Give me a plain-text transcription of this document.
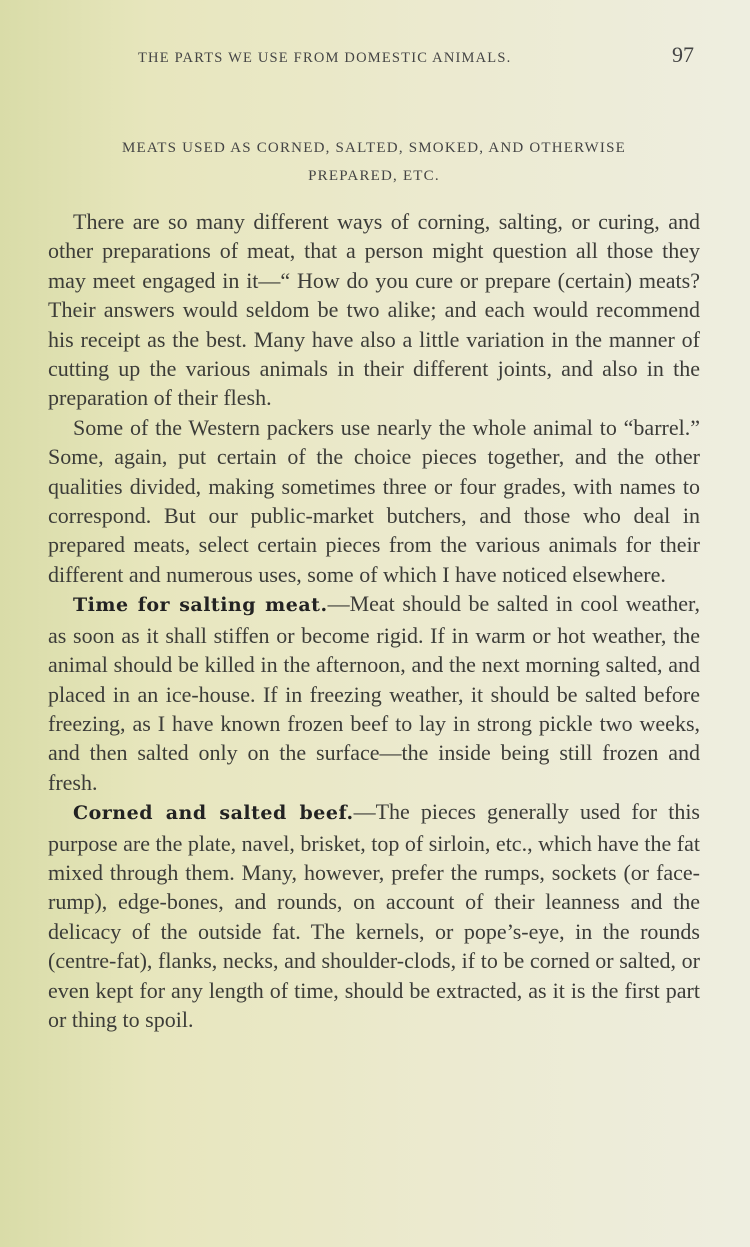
THE PARTS WE USE FROM DOMESTIC ANIMALS.	97
MEATS USED AS CORNED, SALTED, SMOKED, AND OTHERWISE
PREPARED, ETC.

There are so many different ways of corning, salting, or curing, and other preparations of meat, that a person might question all those they may meet engaged in it—“ How do you cure or prepare (certain) meats? Their answers would seldom be two alike; and each would recommend his receipt as the best. Many have also a little variation in the manner of cutting up the various animals in their different joints, and also in the preparation of their flesh.

Some of the Western packers use nearly the whole animal to “barrel.” Some, again, put certain of the choice pieces together, and the other qualities divided, making sometimes three or four grades, with names to correspond. But our public-market butchers, and those who deal in prepared meats, select certain pieces from the various animals for their different and numerous uses, some of which I have noticed elsewhere.

Time for salting meat.—Meat should be salted in cool weather, as soon as it shall stiffen or become rigid. If in warm or hot weather, the animal should be killed in the afternoon, and the next morning salted, and placed in an ice-house. If in freezing weather, it should be salted before freezing, as I have known frozen beef to lay in strong pickle two weeks, and then salted only on the surface—the inside being still frozen and fresh.

Corned and salted beef.—The pieces generally used for this purpose are the plate, navel, brisket, top of sirloin, etc., which have the fat mixed through them. Many, however, prefer the rumps, sockets (or face-rump), edge-bones, and rounds, on account of their leanness and the delicacy of the outside fat. The kernels, or pope’s-eye, in the rounds (centre-fat), flanks, necks, and shoulder-clods, if to be corned or salted, or even kept for any length of time, should be extracted, as it is the first part or thing to spoil.
